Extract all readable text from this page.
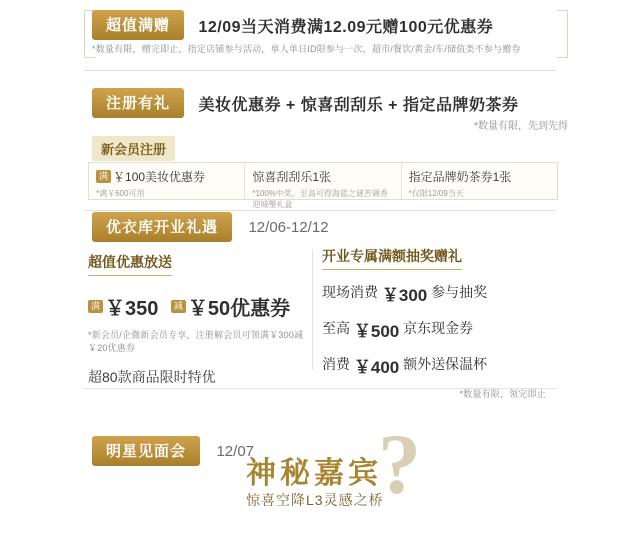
超值满赠 12/09当天消费满12.09元赠100元优惠券
*数量有限，赠完即止，指定店铺参与活动，单人单日ID限参与一次，超市/餐饮/黄金/车/储值类不参与赠券
注册有礼 美妆优惠券 + 惊喜刮刮乐 + 指定品牌奶茶券
*数量有限，先到先得
新会员注册
满 ￥100美妆优惠券
*满￥600可用
惊喜刮刮乐1张
*100%中奖，至高可得海蓝之谜苦调香迎城璺礼盒
指定品牌奶茶券1张
*仅限12/09当天
优衣库开业礼遇 12/06-12/12
超值优惠放送
满 ￥350 减 ￥50优惠券
*新会员/企微新会员专享，注册解会员可领满￥300减￥20优惠券
超80款商品限时特优
开业专属满额抽奖赠礼
现场消费 ￥300 参与抽奖
至高 ￥500 京东现金券
消费 ￥400 额外送保温杯
*数量有限，领完即止
明星见面会 12/07 ?
神秘嘉宾
惊喜空降L3灵感之桥
